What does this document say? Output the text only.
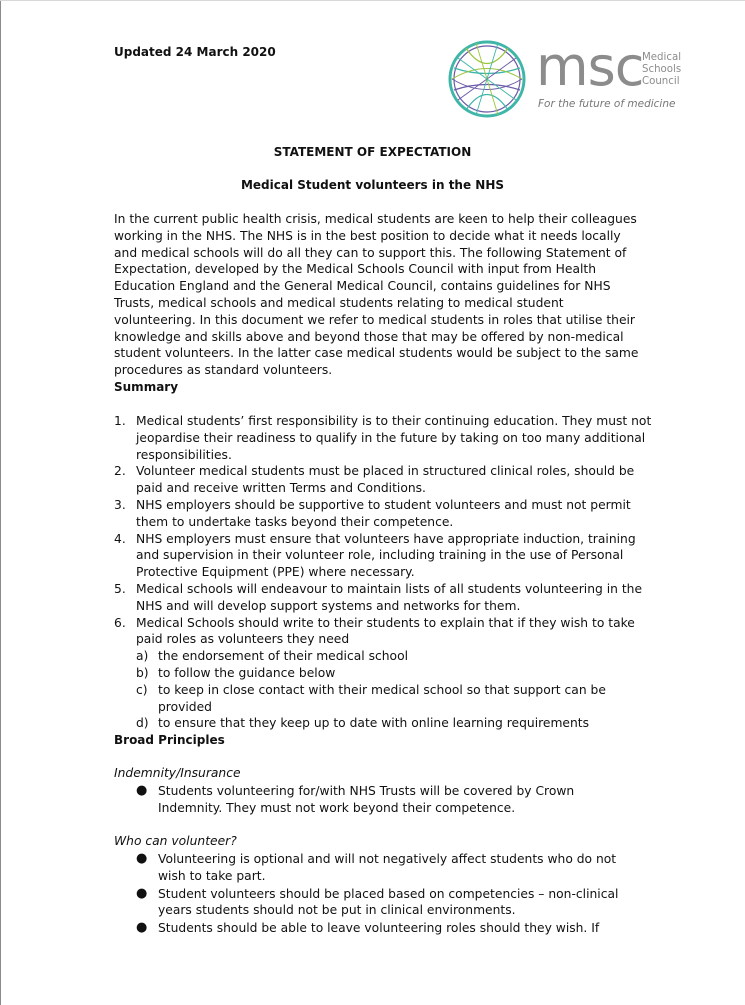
Updated 24 March 2020	msc
Medical
Schools
Council
For the future of medicine
STATEMENT OF EXPECTATION
Medical Student volunteers in the NHS

In the current public health crisis, medical students are keen to help their colleagues working in the NHS. The NHS is in the best position to decide what it needs locally and medical schools will do all they can to support this. The following Statement of Expectation, developed by the Medical Schools Council with input from Health Education England and the General Medical Council, contains guidelines for NHS Trusts, medical schools and medical students relating to medical student volunteering. In this document we refer to medical students in roles that utilise their knowledge and skills above and beyond those that may be offered by non-medical student volunteers. In the latter case medical students would be subject to the same procedures as standard volunteers.

Summary
1. Medical students’ first responsibility is to their continuing education. They must not jeopardise their readiness to qualify in the future by taking on too many additional responsibilities.
2. Volunteer medical students must be placed in structured clinical roles, should be paid and receive written Terms and Conditions.
3. NHS employers should be supportive to student volunteers and must not permit them to undertake tasks beyond their competence.
4. NHS employers must ensure that volunteers have appropriate induction, training and supervision in their volunteer role, including training in the use of Personal Protective Equipment (PPE) where necessary.
5. Medical schools will endeavour to maintain lists of all students volunteering in the NHS and will develop support systems and networks for them.
6. Medical Schools should write to their students to explain that if they wish to take paid roles as volunteers they need
a) the endorsement of their medical school
b) to follow the guidance below
c) to keep in close contact with their medical school so that support can be provided
d) to ensure that they keep up to date with online learning requirements
Broad Principles
Indemnity/Insurance
● Students volunteering for/with NHS Trusts will be covered by Crown Indemnity. They must not work beyond their competence.
Who can volunteer?
● Volunteering is optional and will not negatively affect students who do not wish to take part.
● Student volunteers should be placed based on competencies – non-clinical years students should not be put in clinical environments.
● Students should be able to leave volunteering roles should they wish. If
